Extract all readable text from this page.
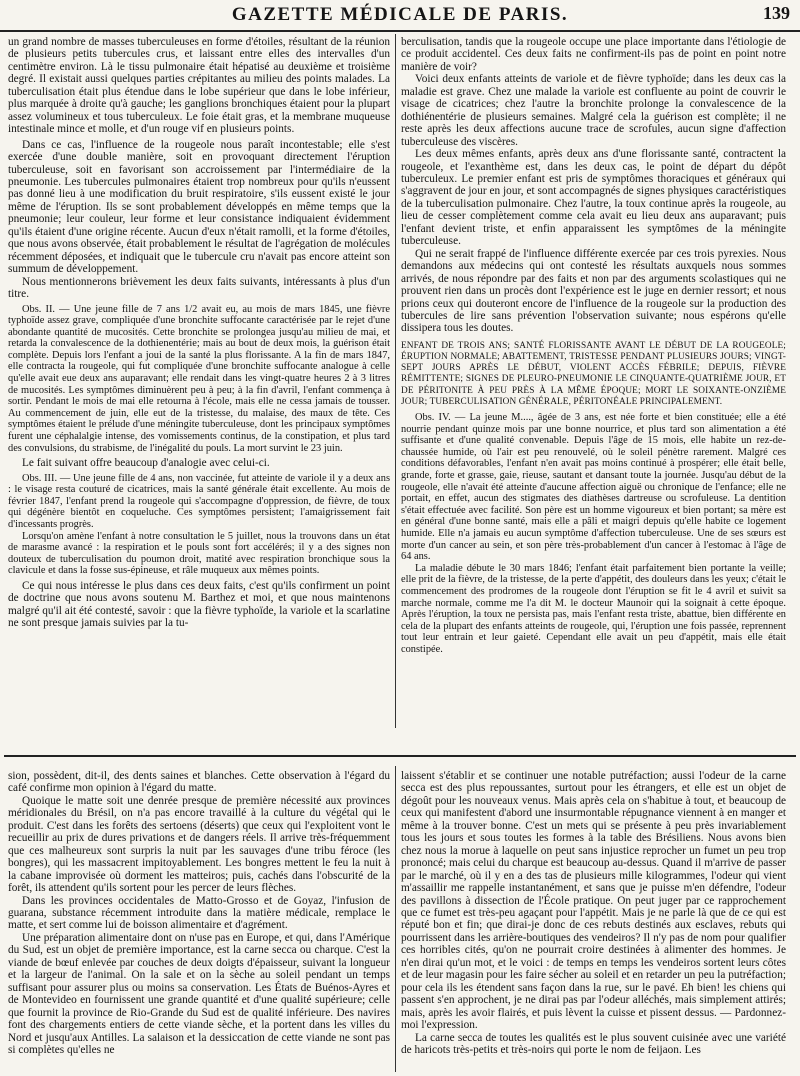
GAZETTE MÉDICALE DE PARIS.	139

un grand nombre de masses tuberculeuses en forme d'étoiles, résultant de la réunion de plusieurs petits tubercules crus, et laissant entre elles des intervalles d'un centimètre environ. Là le tissu pulmonaire était hépatisé au deuxième et troisième degré. Il existait aussi quelques parties crépitantes au milieu des points malades. La tuberculisation était plus étendue dans le lobe supérieur que dans le lobe inférieur, plus marquée à droite qu'à gauche; les ganglions bronchiques étaient pour la plupart assez volumineux et tous tuberculeux. Le foie était gras, et la membrane muqueuse intestinale mince et molle, et d'un rouge vif en plusieurs points.

Dans ce cas, l'influence de la rougeole nous paraît incontestable; elle s'est exercée d'une double manière, soit en provoquant directement l'éruption tuberculeuse, soit en favorisant son accroissement par l'intermédiaire de la pneumonie. Les tubercules pulmonaires étaient trop nombreux pour qu'ils n'eussent pas donné lieu à une modification du bruit respiratoire, s'ils eussent existé le jour même de l'éruption. Ils se sont probablement développés en même temps que la pneumonie; leur couleur, leur forme et leur consistance indiquaient évidemment qu'ils étaient d'une origine récente. Aucun d'eux n'était ramolli, et la forme d'étoiles, que nous avons observée, était probablement le résultat de l'agrégation de molécules récemment déposées, et indiquait que le tubercule cru n'avait pas encore atteint son summum de développement.

Nous mentionnerons brièvement les deux faits suivants, intéressants à plus d'un titre.

Obs. II. — Une jeune fille de 7 ans 1/2 avait eu, au mois de mars 1845, une fièvre typhoïde assez grave, compliquée d'une bronchite suffocante caractérisée par le rejet d'une abondante quantité de mucosités. Cette bronchite se prolongea jusqu'au milieu de mai, et retarda la convalescence de la dothienentérie; mais au bout de deux mois, la guérison était complète. Depuis lors l'enfant a joui de la santé la plus florissante. A la fin de mars 1847, elle contracta la rougeole, qui fut compliquée d'une bronchite suffocante analogue à celle qu'elle avait eue deux ans auparavant; elle rendait dans les vingt-quatre heures 2 à 3 litres de mucosités. Les symptômes diminuèrent peu à peu; à la fin d'avril, l'enfant commença à sortir. Pendant le mois de mai elle retourna à l'école, mais elle ne cessa jamais de tousser. Au commencement de juin, elle eut de la tristesse, du malaise, des maux de tête. Ces symptômes étaient le prélude d'une méningite tuberculeuse, dont les principaux symptômes furent une céphalalgie intense, des vomissements continus, de la constipation, et plus tard des convulsions, du strabisme, de l'inégalité du pouls. La mort survint le 23 juin.

Le fait suivant offre beaucoup d'analogie avec celui-ci.

Obs. III. — Une jeune fille de 4 ans, non vaccinée, fut atteinte de variole il y a deux ans : le visage resta couturé de cicatrices, mais la santé générale était excellente. Au mois de février 1847, l'enfant prend la rougeole qui s'accompagne d'oppression, de fièvre, de toux qui dégénère bientôt en coqueluche. Ces symptômes persistent; l'amaigrissement fait d'incessants progrès.

Lorsqu'on amène l'enfant à notre consultation le 5 juillet, nous la trouvons dans un état de marasme avancé : la respiration et le pouls sont fort accélérés; il y a des signes non douteux de tuberculisation du poumon droit, matité avec respiration bronchique sous la clavicule et dans la fosse sus-épineuse, et râle muqueux aux mêmes points.

Ce qui nous intéresse le plus dans ces deux faits, c'est qu'ils confirment un point de doctrine que nous avons soutenu M. Barthez et moi, et que nous maintenons malgré qu'il ait été contesté, savoir : que la fièvre typhoïde, la variole et la scarlatine ne sont presque jamais suivies par la tu-

berculisation, tandis que la rougeole occupe une place importante dans l'étiologie de ce produit accidentel. Ces deux faits ne confirment-ils pas de point en point notre manière de voir?

Voici deux enfants atteints de variole et de fièvre typhoïde; dans les deux cas la maladie est grave. Chez une malade la variole est confluente au point de couvrir le visage de cicatrices; chez l'autre la bronchite prolonge la convalescence de la dothiénentérie de plusieurs semaines. Malgré cela la guérison est complète; il ne reste après les deux affections aucune trace de scrofules, aucun signe d'affection tuberculeuse des viscères.

Les deux mêmes enfants, après deux ans d'une florissante santé, contractent la rougeole, et l'exanthème est, dans les deux cas, le point de départ du dépôt tuberculeux. Le premier enfant est pris de symptômes thoraciques et généraux qui s'aggravent de jour en jour, et sont accompagnés de signes physiques caractéristiques de la tuberculisation pulmonaire. Chez l'autre, la toux continue après la rougeole, au lieu de cesser complètement comme cela avait eu lieu deux ans auparavant; puis l'enfant devient triste, et enfin apparaissent les symptômes de la méningite tuberculeuse.

Qui ne serait frappé de l'influence différente exercée par ces trois pyrexies. Nous demandons aux médecins qui ont contesté les résultats auxquels nous sommes arrivés, de nous répondre par des faits et non par des arguments scolastiques qui ne prouvent rien dans un procès dont l'expérience est le juge en dernier ressort; et nous prions ceux qui douteront encore de l'influence de la rougeole sur la production des tubercules de lire sans prévention l'observation suivante; nous espérons qu'elle dissipera tous les doutes.

ENFANT DE TROIS ANS; SANTÉ FLORISSANTE AVANT LE DÉBUT DE LA ROUGEOLE; ÉRUPTION NORMALE; ABATTEMENT, TRISTESSE PENDANT PLUSIEURS JOURS; VINGT-SEPT JOURS APRÈS LE DÉBUT, VIOLENT ACCÈS FÉBRILE; DEPUIS, FIÈVRE RÉMITTENTE; SIGNES DE PLEURO-PNEUMONIE LE CINQUANTE-QUATRIÈME JOUR, ET DE PÉRITONITE À PEU PRÈS À LA MÊME ÉPOQUE; MORT LE SOIXANTE-ONZIÈME JOUR; TUBERCULISATION GÉNÉRALE, PÉRITONÉALE PRINCIPALEMENT.

Obs. IV. — La jeune M...., âgée de 3 ans, est née forte et bien constituée; elle a été nourrie pendant quinze mois par une bonne nourrice, et plus tard son alimentation a été suffisante et d'une qualité convenable. Depuis l'âge de 15 mois, elle habite un rez-de-chaussée humide, où l'air est peu renouvelé, où le soleil pénètre rarement. Malgré ces conditions défavorables, l'enfant n'en avait pas moins continué à prospérer; elle était belle, grande, forte et grasse, gaie, rieuse, sautant et dansant toute la journée. Jusqu'au début de la rougeole, elle n'avait été atteinte d'aucune affection aiguë ou chronique de l'enfance; elle ne portait, en effet, aucun des stigmates des diathèses dartreuse ou scrofuleuse. La dentition s'était effectuée avec facilité. Son père est un homme vigoureux et bien portant; sa mère est en général d'une bonne santé, mais elle a pâli et maigri depuis qu'elle habite ce logement humide. Elle n'a jamais eu aucun symptôme d'affection tuberculeuse. Une de ses sœurs est morte d'un cancer au sein, et son père très-probablement d'un cancer à l'estomac à l'âge de 64 ans.

La maladie débute le 30 mars 1846; l'enfant était parfaitement bien portante la veille; elle prit de la fièvre, de la tristesse, de la perte d'appétit, des douleurs dans les yeux; c'était le commencement des prodromes de la rougeole dont l'éruption se fit le 4 avril et suivit sa marche normale, comme me l'a dit M. le docteur Maunoir qui la soignait à cette époque. Après l'éruption, la toux ne persista pas, mais l'enfant resta triste, abattue, bien différente en cela de la plupart des enfants atteints de rougeole, qui, l'éruption une fois passée, reprennent tout leur entrain et leur gaieté. Cependant elle avait un peu d'appétit, mais elle était constipée.

sion, possèdent, dit-il, des dents saines et blanches. Cette observation à l'égard du café confirme mon opinion à l'égard du matte.

Quoique le matte soit une denrée presque de première nécessité aux provinces méridionales du Brésil, on n'a pas encore travaillé à la culture du végétal qui le produit. C'est dans les forêts des sertoens (déserts) que ceux qui l'exploitent vont le recueillir au prix de dures privations et de dangers réels. Il arrive très-fréquemment que ces malheureux sont surpris la nuit par les sauvages d'une tribu féroce (les bongres), qui les massacrent impitoyablement. Les bongres mettent le feu la nuit à la cabane improvisée où dorment les matteiros; puis, cachés dans l'obscurité de la forêt, ils attendent qu'ils sortent pour les percer de leurs flèches.

Dans les provinces occidentales de Matto-Grosso et de Goyaz, l'infusion de guarana, substance récemment introduite dans la matière médicale, remplace le matte, et sert comme lui de boisson alimentaire et d'agrément.

Une préparation alimentaire dont on n'use pas en Europe, et qui, dans l'Amérique du Sud, est un objet de première importance, est la carne secca ou charque. C'est la viande de bœuf enlevée par couches de deux doigts d'épaisseur, suivant la longueur et la largeur de l'animal. On la sale et on la sèche au soleil pendant un temps suffisant pour assurer plus ou moins sa conservation. Les États de Buénos-Ayres et de Montevideo en fournissent une grande quantité et d'une qualité supérieure; celle que fournit la province de Rio-Grande du Sud est de qualité inférieure. Des navires font des chargements entiers de cette viande sèche, et la portent dans les villes du Nord et jusqu'aux Antilles. La salaison et la dessiccation de cette viande ne sont pas si complètes qu'elles ne

laissent s'établir et se continuer une notable putréfaction; aussi l'odeur de la carne secca est des plus repoussantes, surtout pour les étrangers, et elle est un objet de dégoût pour les nouveaux venus. Mais après cela on s'habitue à tout, et beaucoup de ceux qui manifestent d'abord une insurmontable répugnance viennent à en manger et même à la trouver bonne. C'est un mets qui se présente à peu près invariablement tous les jours et sous toutes les formes à la table des Brésiliens. Nous avons bien chez nous la morue à laquelle on peut sans injustice reprocher un fumet un peu trop prononcé; mais celui du charque est beaucoup au-dessus. Quand il m'arrive de passer par le marché, où il y en a des tas de plusieurs mille kilogrammes, l'odeur qui vient m'assaillir me rappelle instantanément, et sans que je puisse m'en défendre, l'odeur des pavillons à dissection de l'École pratique. On peut juger par ce rapprochement que ce fumet est très-peu agaçant pour l'appétit. Mais je ne parle là que de ce qui est réputé bon et fin; que dirai-je donc de ces rebuts destinés aux esclaves, rebuts qui pourrissent dans les arrière-boutiques des vendeiros? Il n'y pas de nom pour qualifier ces horribles cités, qu'on ne pourrait croire destinées à alimenter des hommes. Je n'en dirai qu'un mot, et le voici : de temps en temps les vendeiros sortent leurs côtes et de leur magasin pour les faire sécher au soleil et en retarder un peu la putréfaction; pour cela ils les étendent sans façon dans la rue, sur le pavé. Eh bien! les chiens qui passent s'en approchent, je ne dirai pas par l'odeur alléchés, mais simplement attirés; mais, après les avoir flairés, et puis lèvent la cuisse et pissent dessus. — Pardonnez-moi l'expression.

La carne secca de toutes les qualités est le plus souvent cuisinée avec une variété de haricots très-petits et très-noirs qui porte le nom de feijaon. Les
